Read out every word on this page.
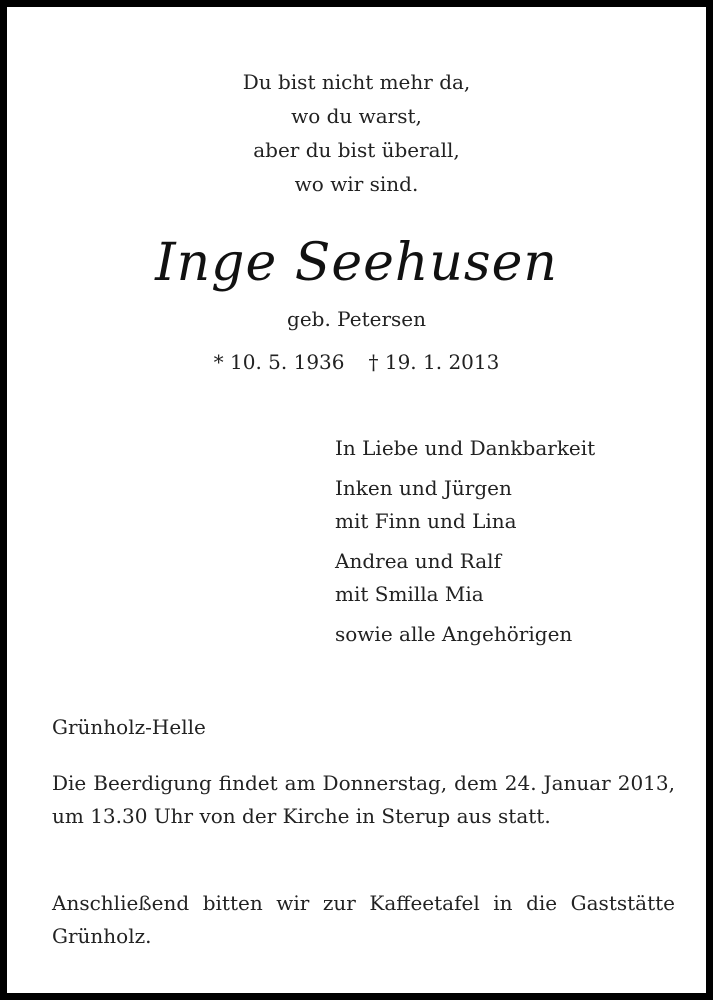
Du bist nicht mehr da,
wo du warst,
aber du bist überall,
wo wir sind.
Inge Seehusen
geb. Petersen
* 10. 5. 1936 † 19. 1. 2013
In Liebe und Dankbarkeit
Inken und Jürgen
mit Finn und Lina
Andrea und Ralf
mit Smilla Mia
sowie alle Angehörigen
Grünholz-Helle
Die Beerdigung findet am Donnerstag, dem 24. Januar 2013, um 13.30 Uhr von der Kirche in Sterup aus statt.
Anschließend bitten wir zur Kaffeetafel in die Gaststätte Grünholz.
